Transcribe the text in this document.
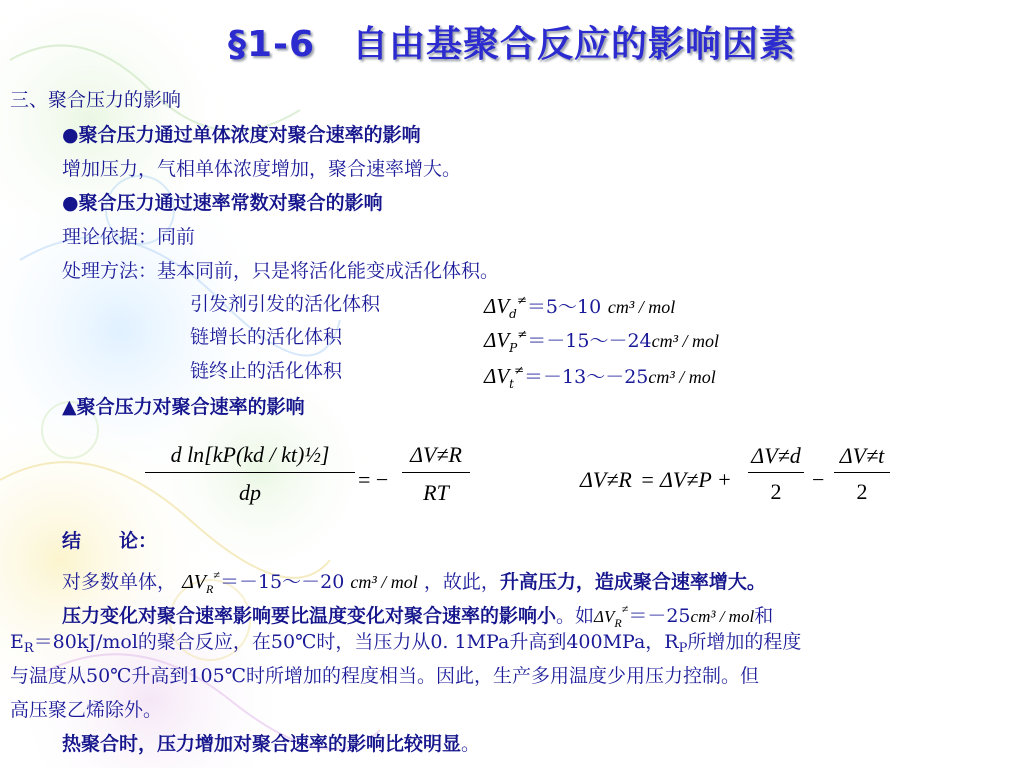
§1-6　自由基聚合反应的影响因素
三、聚合压力的影响
●聚合压力通过单体浓度对聚合速率的影响
增加压力，气相单体浓度增加，聚合速率增大。
●聚合压力通过速率常数对聚合的影响
理论依据：同前
处理方法：基本同前，只是将活化能变成活化体积。
引发剂引发的活化体积	$\Delta V_d^\ne=5\sim 10$ cm³ / mol
链增长的活化体积	$\Delta V_P^\ne=-15\sim-24cm^3$ / mol
链终止的活化体积	$\Delta V_t^\ne=-13\sim-25cm^3$ / mol
▲聚合压力对聚合速率的影响
d ln[kP(kd / kt)½]
dp
= −
ΔV≠R
RT
ΔV≠R = ΔV≠P +
ΔV≠d
2	−
ΔV≠t
2
结　　论：
对多数单体， $\Delta V_R^\ne=-15\sim-20$ cm³ / mol ，故此，升高压力，造成聚合速率增大。
压力变化对聚合速率影响要比温度变化对聚合速率的影响小。如$\Delta V_R^\ne=-25cm^3$ / mol和
$E_R=80kJ$/mol的聚合反应，在50℃时，当压力从0. 1MPa升高到400MPa，$R_P$所增加的程度
与温度从50℃升高到105℃时所增加的程度相当。因此，生产多用温度少用压力控制。但
高压聚乙烯除外。
热聚合时，压力增加对聚合速率的影响比较明显。
